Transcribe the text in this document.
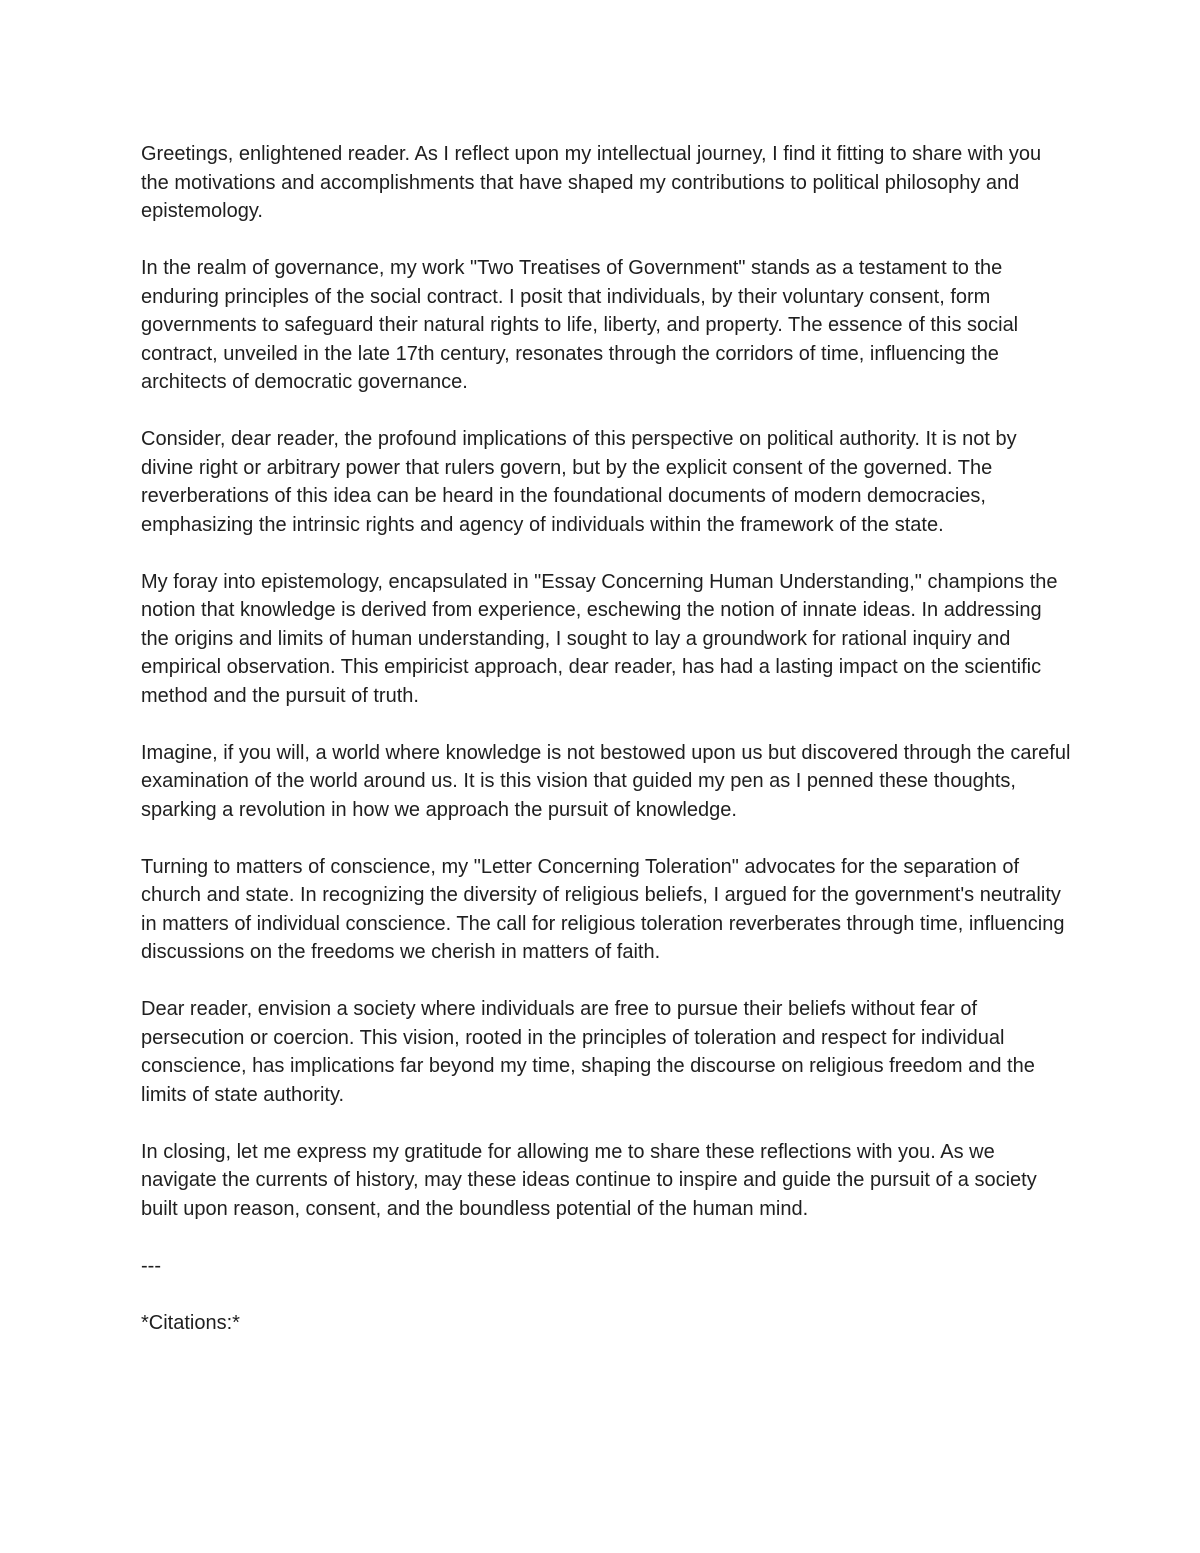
Greetings, enlightened reader. As I reflect upon my intellectual journey, I find it fitting to share with you the motivations and accomplishments that have shaped my contributions to political philosophy and epistemology.

In the realm of governance, my work "Two Treatises of Government" stands as a testament to the enduring principles of the social contract. I posit that individuals, by their voluntary consent, form governments to safeguard their natural rights to life, liberty, and property. The essence of this social contract, unveiled in the late 17th century, resonates through the corridors of time, influencing the architects of democratic governance.

Consider, dear reader, the profound implications of this perspective on political authority. It is not by divine right or arbitrary power that rulers govern, but by the explicit consent of the governed. The reverberations of this idea can be heard in the foundational documents of modern democracies, emphasizing the intrinsic rights and agency of individuals within the framework of the state.

My foray into epistemology, encapsulated in "Essay Concerning Human Understanding," champions the notion that knowledge is derived from experience, eschewing the notion of innate ideas. In addressing the origins and limits of human understanding, I sought to lay a groundwork for rational inquiry and empirical observation. This empiricist approach, dear reader, has had a lasting impact on the scientific method and the pursuit of truth.

Imagine, if you will, a world where knowledge is not bestowed upon us but discovered through the careful examination of the world around us. It is this vision that guided my pen as I penned these thoughts, sparking a revolution in how we approach the pursuit of knowledge.

Turning to matters of conscience, my "Letter Concerning Toleration" advocates for the separation of church and state. In recognizing the diversity of religious beliefs, I argued for the government's neutrality in matters of individual conscience. The call for religious toleration reverberates through time, influencing discussions on the freedoms we cherish in matters of faith.

Dear reader, envision a society where individuals are free to pursue their beliefs without fear of persecution or coercion. This vision, rooted in the principles of toleration and respect for individual conscience, has implications far beyond my time, shaping the discourse on religious freedom and the limits of state authority.

In closing, let me express my gratitude for allowing me to share these reflections with you. As we navigate the currents of history, may these ideas continue to inspire and guide the pursuit of a society built upon reason, consent, and the boundless potential of the human mind.

---

*Citations:*
